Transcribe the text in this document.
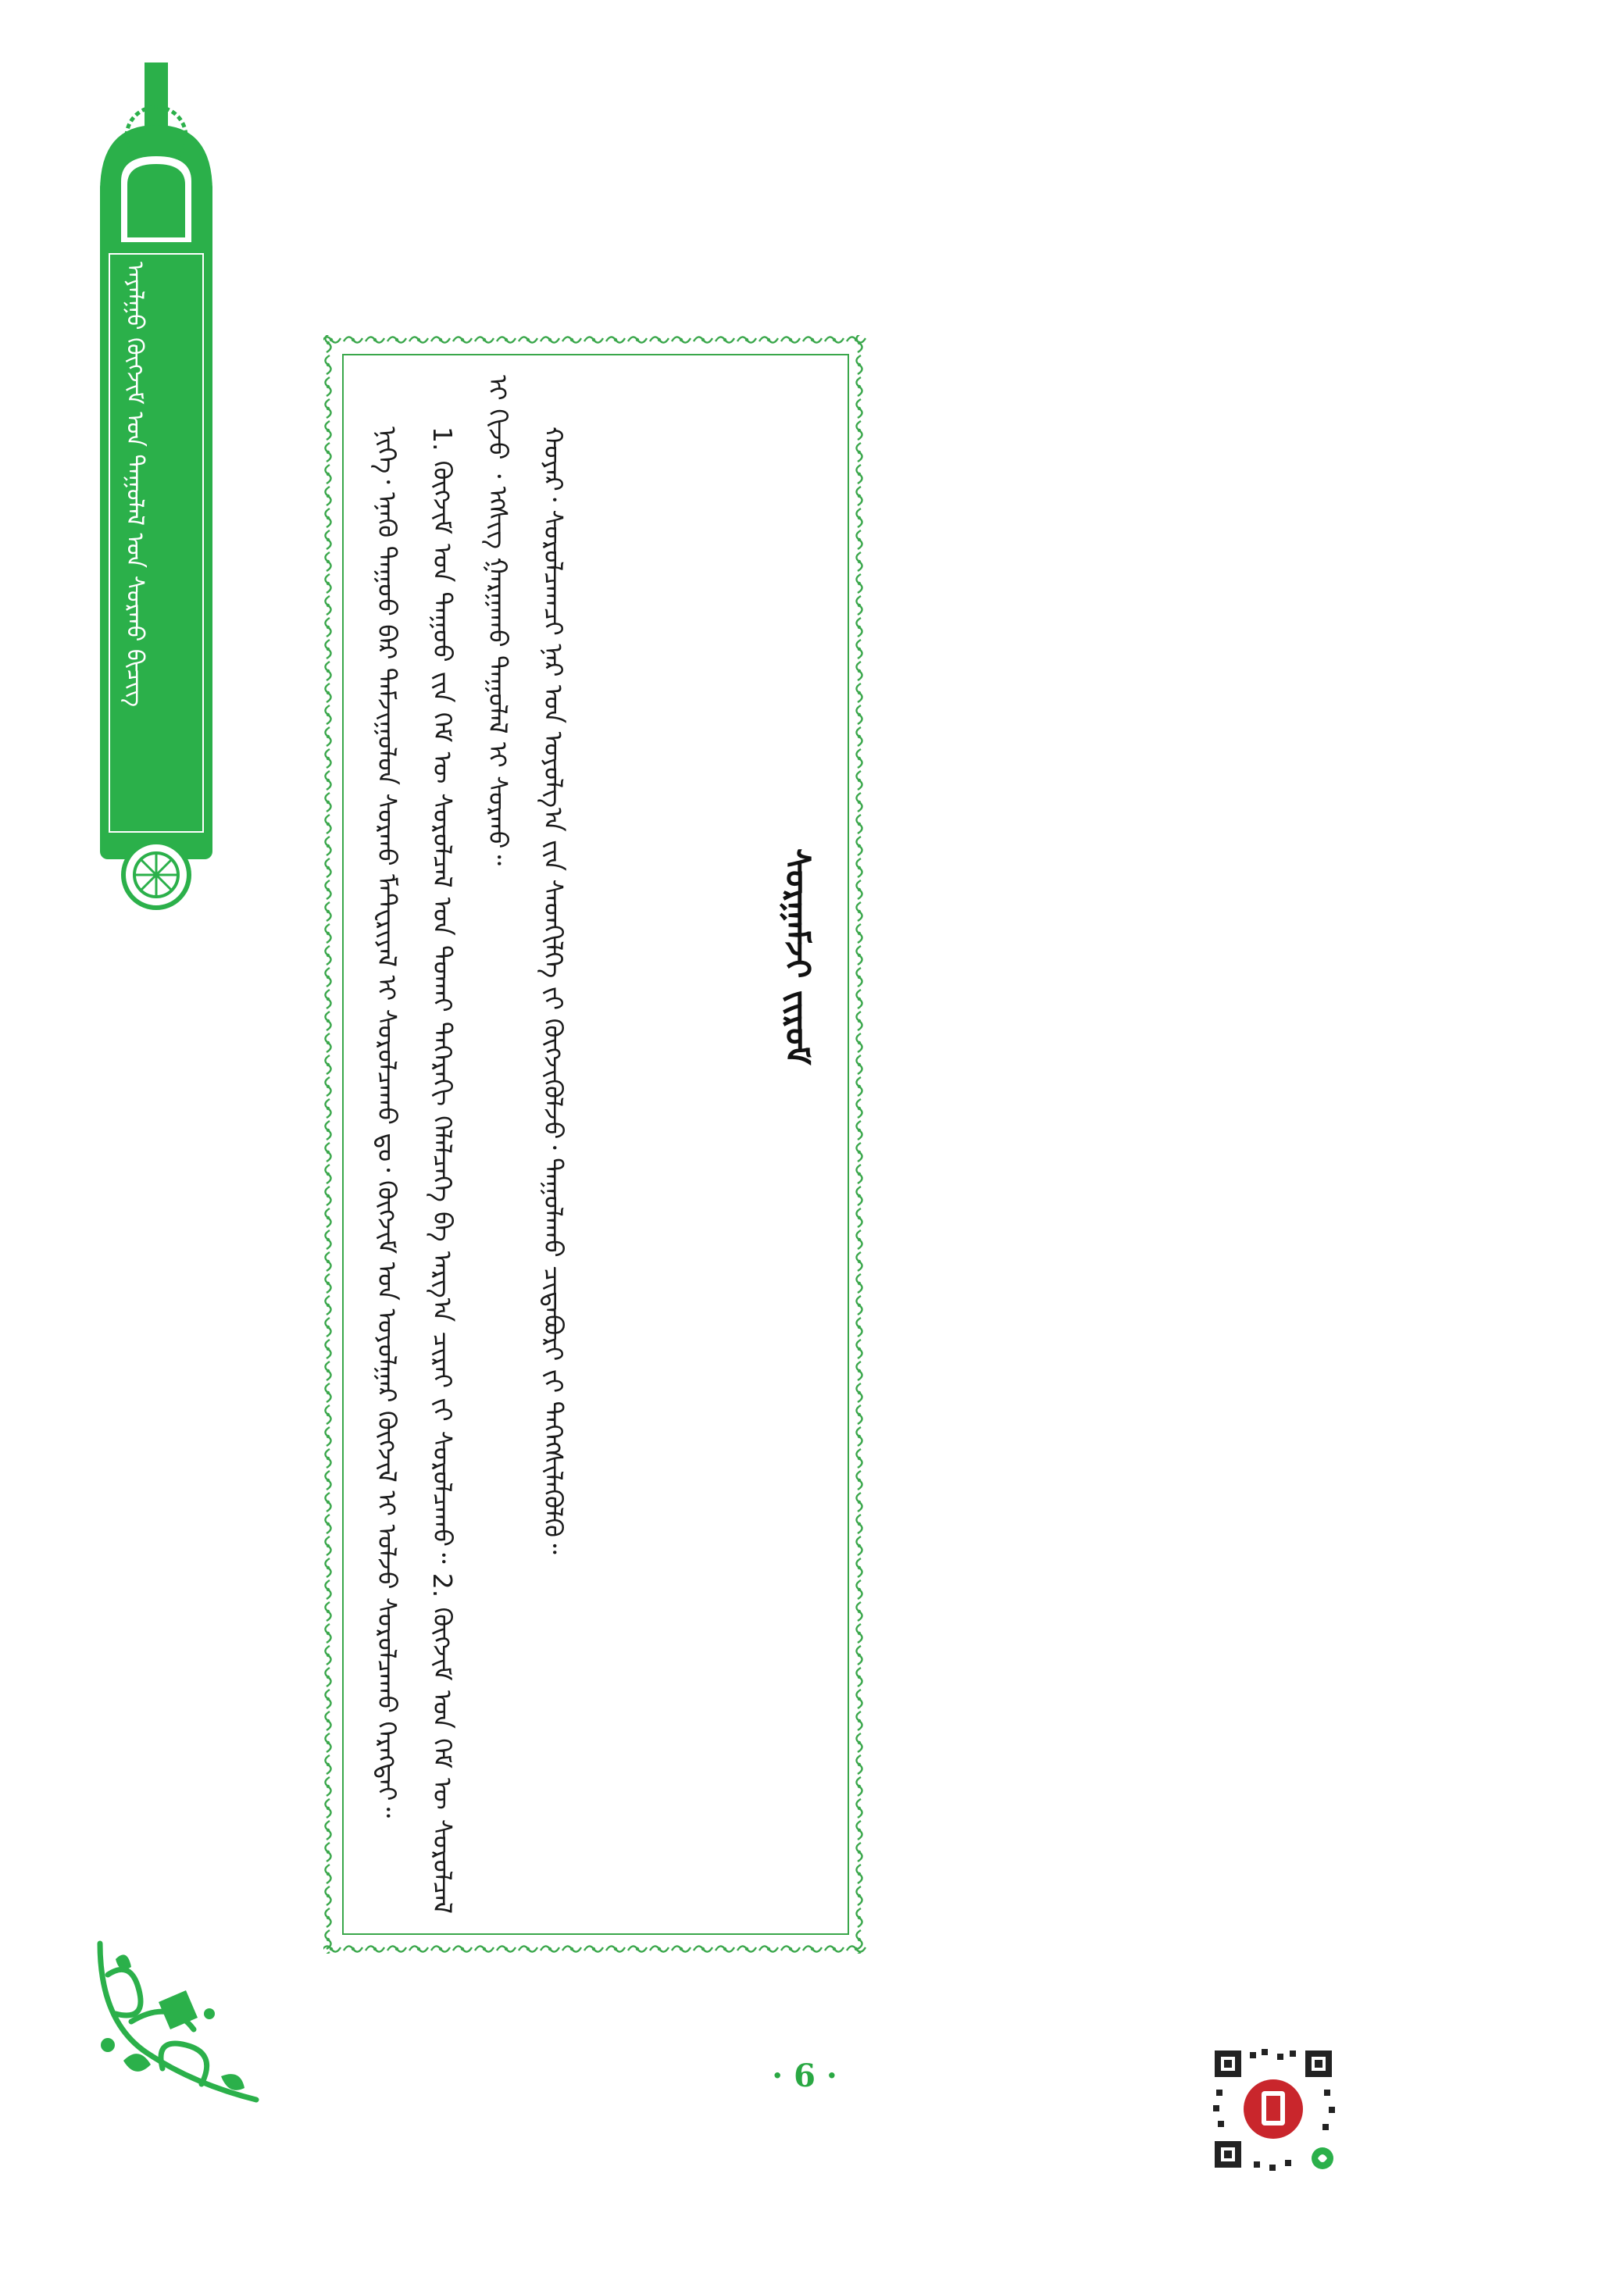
ᠠᠶᠠᠯᠭᠤ ᠬᠥᠭᠵᠢᠮ ᠤᠨ ᠳᠠᠭᠤᠯᠠᠯ ᠤᠨ ᠰᠤᠷᠬᠤ ᠪᠢᠴᠢᠭ	ᠨᠢᠭᠡ᠂ ᠡᠨᠡᠬᠦ ᠳᠠᠭᠤᠤ ᠪᠠᠷ ᠳᠠᠮᠵᠢᠭᠤᠯᠤᠨ ᠰᠤᠷᠬᠤ ᠮᠠᠲᠧᠷᠢᠶᠠᠯ ᠢ ᠰᠤᠷᠤᠯᠴᠠᠬᠤ ᠳᠤ᠂ ᠬᠦᠭᠵᠢᠮ ᠤᠨ ᠤᠶᠤᠯᠭᠠᠷ ᠬᠥᠭᠵᠢᠯ ᠢ ᠣᠯᠵᠤ ᠰᠤᠷᠤᠯᠴᠠᠬᠤ ᠬᠡᠷᠡᠭᠲᠡᠢ᠃ 1. ᠬᠦᠭᠵᠢᠮ ᠤᠨ ᠳᠠᠭᠤᠤ ᠶ᠋ᠢᠨ ᠬᠡᠮ ᠦ ᠰᠤᠷᠤᠯᠴᠠᠯ ᠤᠨ ᠲᠤᠬᠠᠢ ᠳᠡᠭᠡᠷᠡᠬᠢ ᠬᠡᠯᠡᠯᠴᠡᠭᠡ ᠪᠠ ᠠᠷᠭ᠎ᠠ ᠴᠢᠷᠠᠢ ᠶ᠋ᠢ ᠰᠤᠷᠤᠯᠴᠠᠬᠤ᠃ 2. ᠬᠦᠭᠵᠢᠮ ᠤᠨ ᠬᠡᠮ ᠦ ᠰᠤᠷᠤᠯᠴᠠᠯ ᠢ ᠬᠢᠵᠦ ᠂ ᠡᠭᠰᠢᠭ ᠭᠠᠷᠭᠠᠬᠤ ᠳᠠᠭᠤᠯᠠᠯ ᠢ ᠰᠤᠷᠬᠤ᠃ ᠬᠤᠶᠠᠷ᠂ ᠰᠤᠷᠤᠯᠴᠠᠭᠴᠢ ᠨᠠᠷ ᠤᠨ ᠤᠶᠤᠯᠭ᠎ᠠ ᠶ᠋ᠢᠨ ᠰᠡᠳᠬᠢᠯᠭᠡ ᠶ᠋ᠢ ᠬᠥᠭᠵᠢᠭᠦᠯᠵᠦ᠂ ᠳᠠᠭᠤᠯᠠᠬᠤ ᠴᠢᠳᠠᠪᠤᠷᠢ ᠶ᠋ᠢ ᠳᠡᠭᠡᠭᠰᠢᠯᠡᠭᠦᠯᠬᠦ᠃	ᠰᠤᠷᠭᠠᠮᠵᠢ ᠵᠢᠷᠤᠮ
· 6 ·
